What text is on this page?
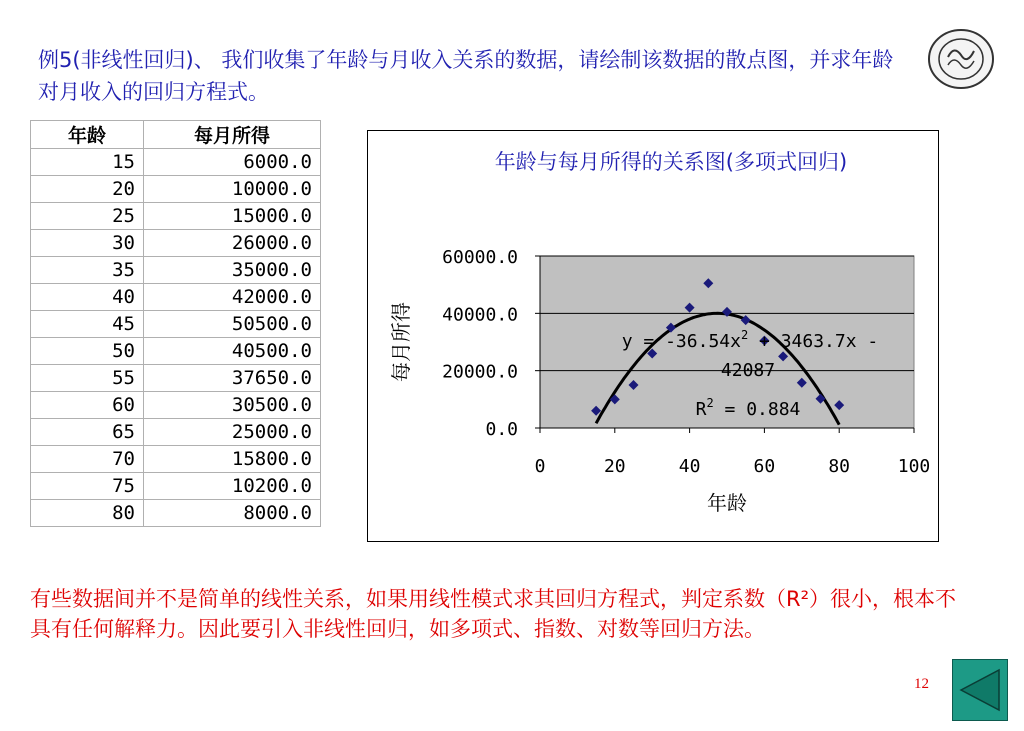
例5(非线性回归)、 我们收集了年龄与月收入关系的数据，请绘制该数据的散点图，并求年龄对月收入的回归方程式。
年龄	每月所得
15	6000.0
20	10000.0
25	15000.0
30	26000.0
35	35000.0
40	42000.0
45	50500.0
50	40500.0
55	37650.0
60	30500.0
65	25000.0
70	15800.0
75	10200.0
80	8000.0
年龄与每月所得的关系图(多项式回归)
0.0
20000.0
40000.0
60000.0
0	20	40	60	80	100
$y = -36.54x^2 + 3463.7x$ -
42087
$R^2 = 0.884$
年龄
每月所得
有些数据间并不是简单的线性关系，如果用线性模式求其回归方程式，判定系数（R²）很小，根本不具有任何解释力。因此要引入非线性回归，如多项式、指数、对数等回归方法。
12
